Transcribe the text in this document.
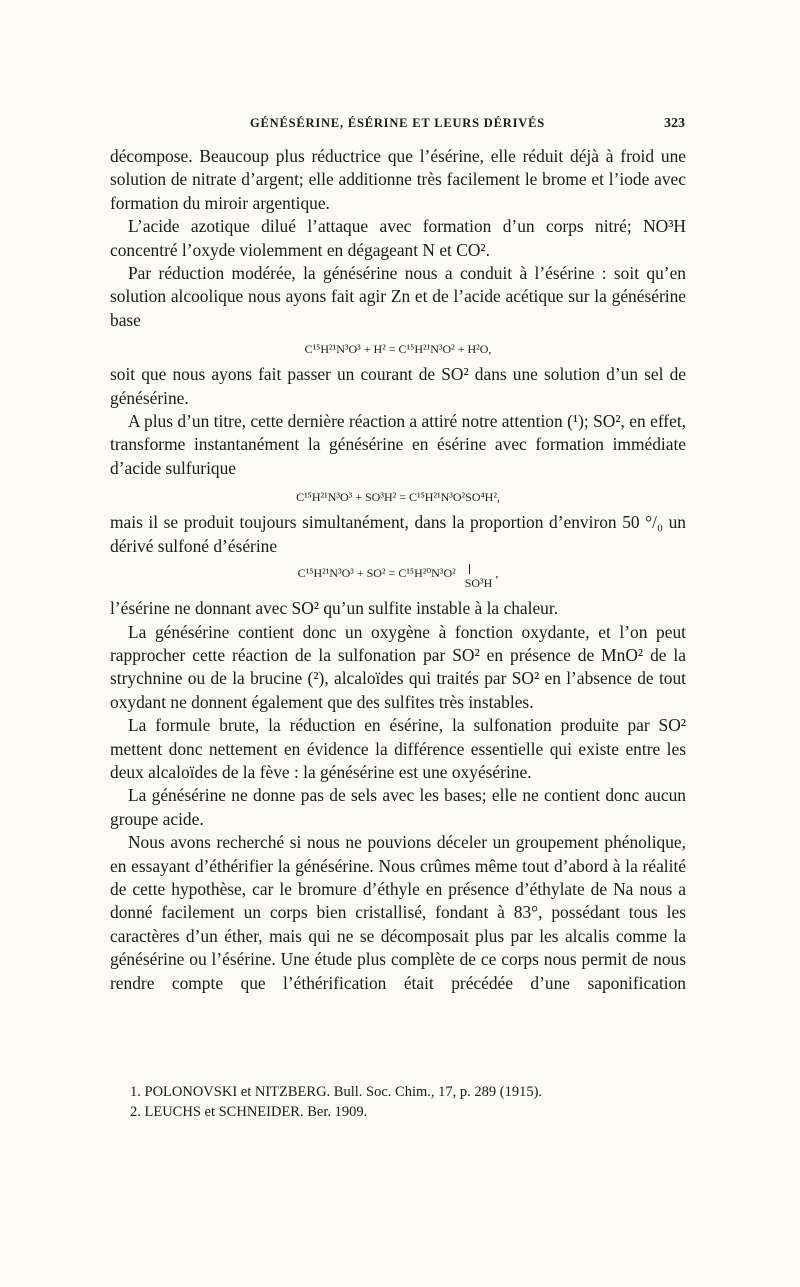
GÉNÉSÉRINE, ÉSÉRINE ET LEURS DÉRIVÉS	323

décompose. Beaucoup plus réductrice que l’ésérine, elle réduit déjà à froid une solution de nitrate d’argent; elle additionne très facilement le brome et l’iode avec formation du miroir argentique.

L’acide azotique dilué l’attaque avec formation d’un corps nitré; NO³H concentré l’oxyde violemment en dégageant N et CO².

Par réduction modérée, la génésérine nous a conduit à l’ésérine : soit qu’en solution alcoolique nous ayons fait agir Zn et de l’acide acétique sur la génésérine base

C¹⁵H²¹N³O³ + H² = C¹⁵H²¹N³O² + H²O,

soit que nous ayons fait passer un courant de SO² dans une solution d’un sel de génésérine.

A plus d’un titre, cette dernière réaction a attiré notre attention (¹); SO², en effet, transforme instantanément la génésérine en ésérine avec formation immédiate d’acide sulfurique

C¹⁵H²¹N³O³ + SO³H² = C¹⁵H²¹N³O²SO⁴H²,

mais il se produit toujours simultanément, dans la proportion d’environ 50 °/₀ un dérivé sulfoné d’ésérine

C¹⁵H²¹N³O³ + SO² = C¹⁵H²⁰N³O²
SO³H ,

l’ésérine ne donnant avec SO² qu’un sulfite instable à la chaleur.

La génésérine contient donc un oxygène à fonction oxydante, et l’on peut rapprocher cette réaction de la sulfonation par SO² en présence de MnO² de la strychnine ou de la brucine (²), alcaloïdes qui traités par SO² en l’absence de tout oxydant ne donnent également que des sulfites très instables.

La formule brute, la réduction en ésérine, la sulfonation produite par SO² mettent donc nettement en évidence la différence essentielle qui existe entre les deux alcaloïdes de la fève : la génésérine est une oxyésérine.

La génésérine ne donne pas de sels avec les bases; elle ne contient donc aucun groupe acide.

Nous avons recherché si nous ne pouvions déceler un groupement phénolique, en essayant d’éthérifier la génésérine. Nous crûmes même tout d’abord à la réalité de cette hypothèse, car le bromure d’éthyle en présence d’éthylate de Na nous a donné facilement un corps bien cristallisé, fondant à 83°, possédant tous les caractères d’un éther, mais qui ne se décomposait plus par les alcalis comme la génésérine ou l’ésérine. Une étude plus complète de ce corps nous permit de nous rendre compte que l’éthérification était précédée d’une saponification

1. POLONOVSKI et NITZBERG. Bull. Soc. Chim., 17, p. 289 (1915).

2. LEUCHS et SCHNEIDER. Ber. 1909.
